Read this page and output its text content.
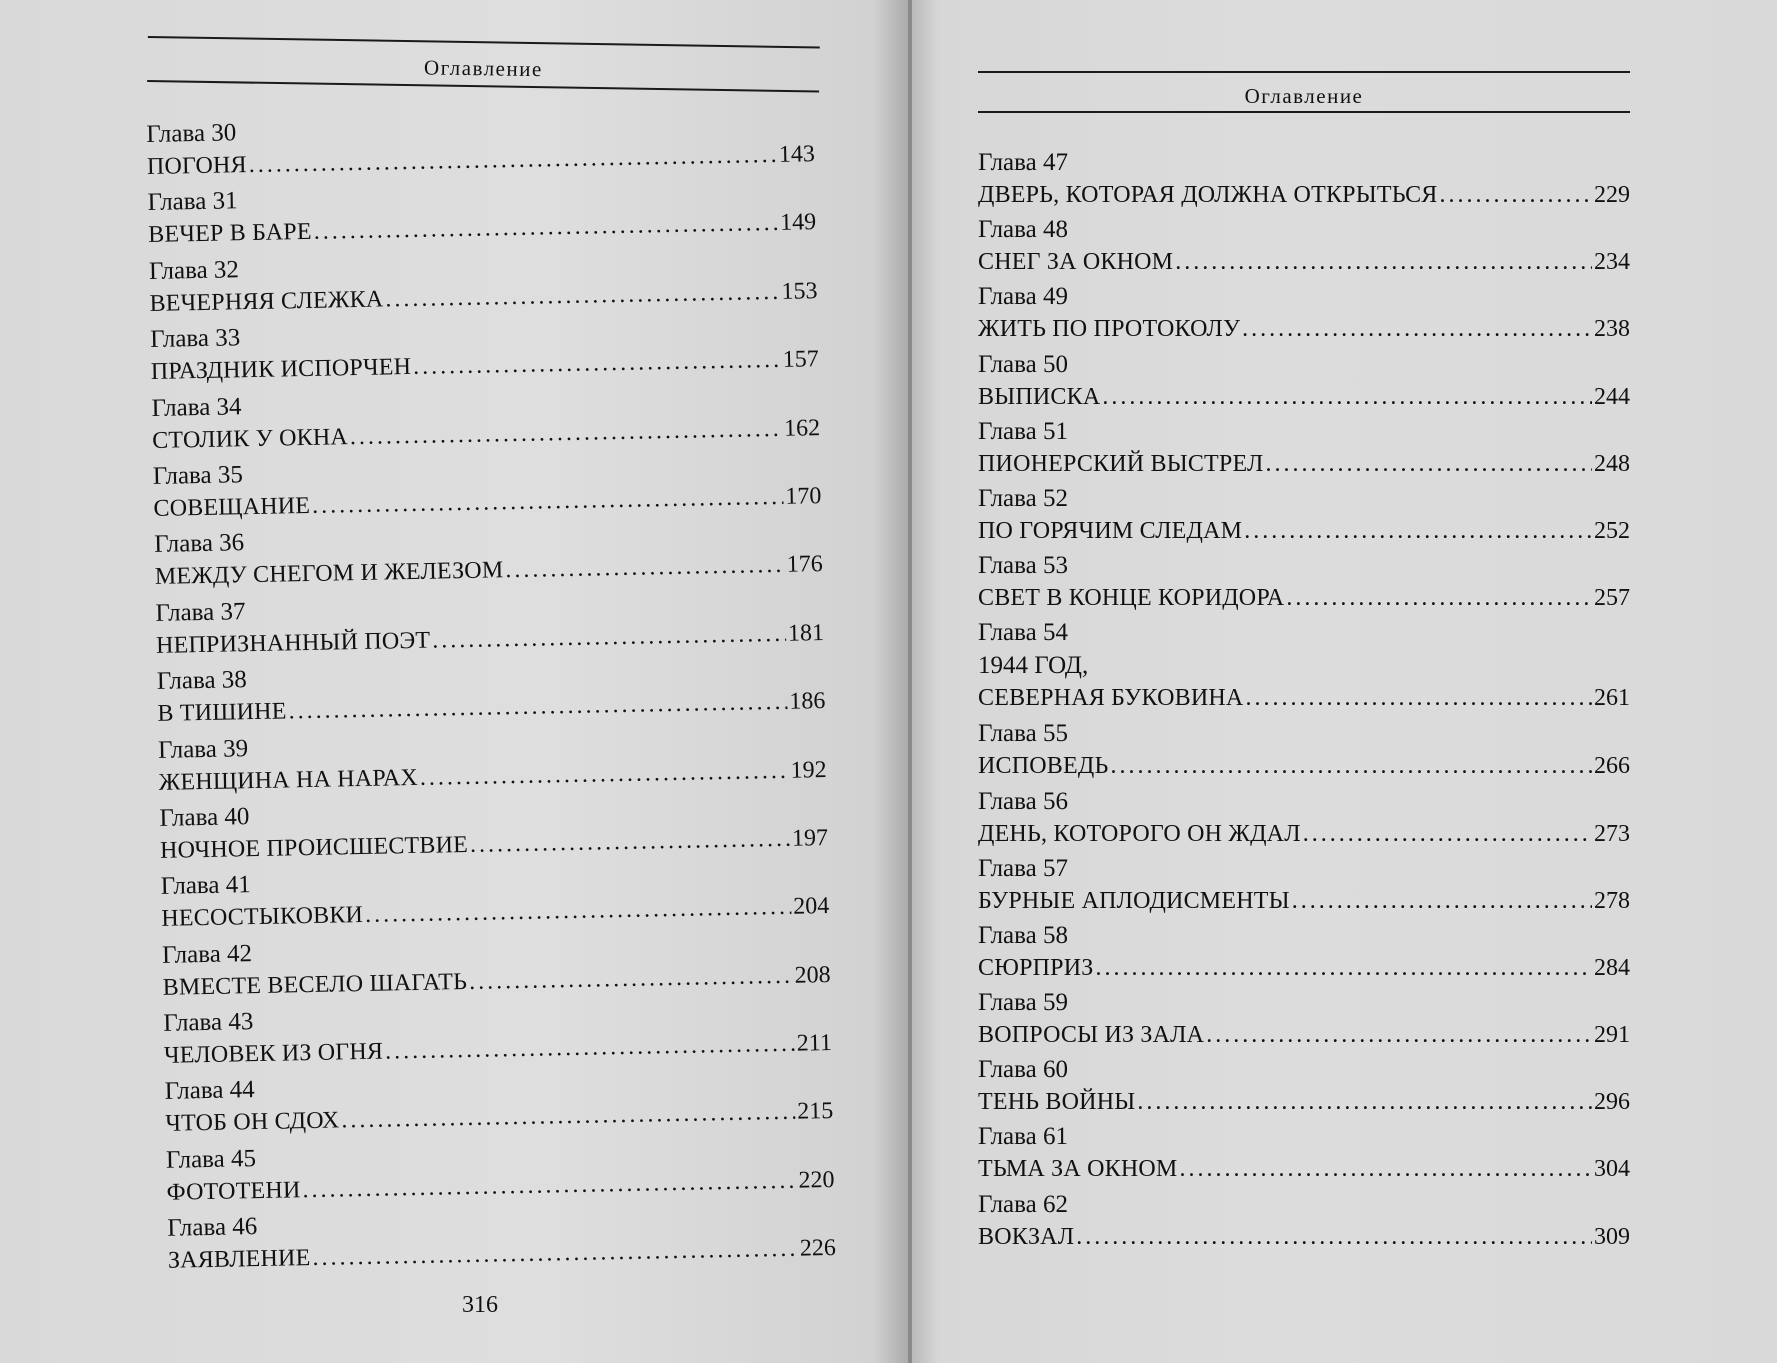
Оглавление
Глава 30
ПОГОНЯ .....	143
Глава 31
ВЕЧЕР В БАРЕ .....	149
Глава 32
ВЕЧЕРНЯЯ СЛЕЖКА .....	153
Глава 33
ПРАЗДНИК ИСПОРЧЕН .....	157
Глава 34
СТОЛИК У ОКНА .....	162
Глава 35
СОВЕЩАНИЕ .....	170
Глава 36
МЕЖДУ СНЕГОМ И ЖЕЛЕЗОМ .....	176
Глава 37
НЕПРИЗНАННЫЙ ПОЭТ .....	181
Глава 38
В ТИШИНЕ .....	186
Глава 39
ЖЕНЩИНА НА НАРАХ .....	192
Глава 40
НОЧНОЕ ПРОИСШЕСТВИЕ .....	197
Глава 41
НЕСОСТЫКОВКИ .....	204
Глава 42
ВМЕСТЕ ВЕСЕЛО ШАГАТЬ .....	208
Глава 43
ЧЕЛОВЕК ИЗ ОГНЯ .....	211
Глава 44
ЧТОБ ОН СДОХ .....	215
Глава 45
ФОТОТЕНИ .....	220
Глава 46
ЗАЯВЛЕНИЕ .....	226
316
Оглавление
Глава 47
ДВЕРЬ, КОТОРАЯ ДОЛЖНА ОТКРЫТЬСЯ .....	229
Глава 48
СНЕГ ЗА ОКНОМ .....	234
Глава 49
ЖИТЬ ПО ПРОТОКОЛУ .....	238
Глава 50
ВЫПИСКА .....	244
Глава 51
ПИОНЕРСКИЙ ВЫСТРЕЛ .....	248
Глава 52
ПО ГОРЯЧИМ СЛЕДАМ .....	252
Глава 53
СВЕТ В КОНЦЕ КОРИДОРА .....	257
Глава 54
1944 ГОД,
СЕВЕРНАЯ БУКОВИНА .....	261
Глава 55
ИСПОВЕДЬ .....	266
Глава 56
ДЕНЬ, КОТОРОГО ОН ЖДАЛ .....	273
Глава 57
БУРНЫЕ АПЛОДИСМЕНТЫ .....	278
Глава 58
СЮРПРИЗ .....	284
Глава 59
ВОПРОСЫ ИЗ ЗАЛА .....	291
Глава 60
ТЕНЬ ВОЙНЫ .....	296
Глава 61
ТЬМА ЗА ОКНОМ .....	304
Глава 62
ВОКЗАЛ .....	309
